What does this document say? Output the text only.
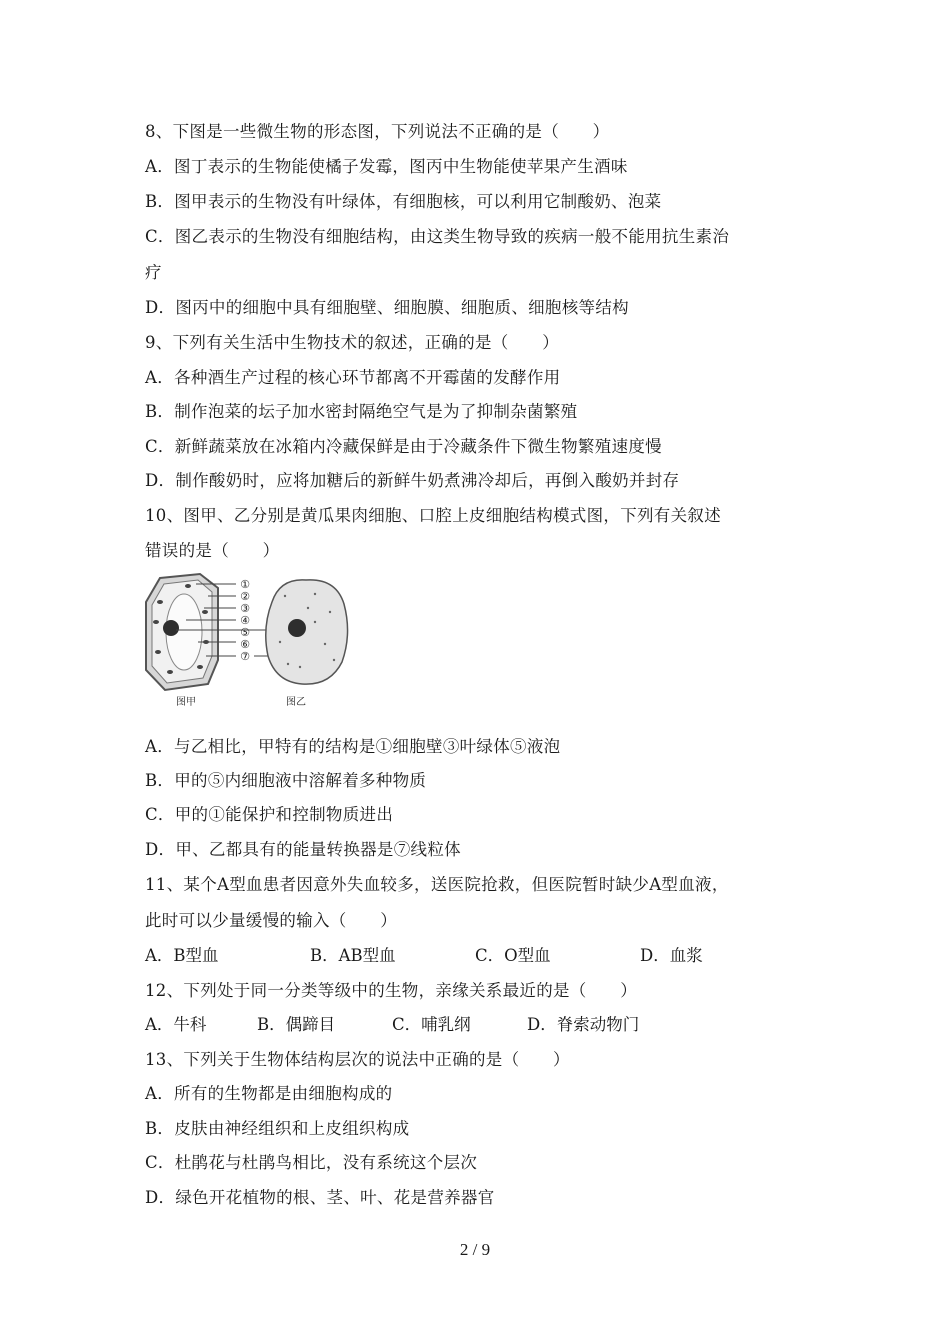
8、下图是一些微生物的形态图，下列说法不正确的是（　　）
A．图丁表示的生物能使橘子发霉，图丙中生物能使苹果产生酒味
B．图甲表示的生物没有叶绿体，有细胞核，可以利用它制酸奶、泡菜
C．图乙表示的生物没有细胞结构，由这类生物导致的疾病一般不能用抗生素治
疗
D．图丙中的细胞中具有细胞壁、细胞膜、细胞质、细胞核等结构
9、下列有关生活中生物技术的叙述，正确的是（　　）
A．各种酒生产过程的核心环节都离不开霉菌的发酵作用
B．制作泡菜的坛子加水密封隔绝空气是为了抑制杂菌繁殖
C．新鲜蔬菜放在冰箱内冷藏保鲜是由于冷藏条件下微生物繁殖速度慢
D．制作酸奶时，应将加糖后的新鲜牛奶煮沸冷却后，再倒入酸奶并封存
10、图甲、乙分别是黄瓜果肉细胞、口腔上皮细胞结构模式图，下列有关叙述
错误的是（　　）
①
②
③
④
⑤
⑥
⑦
图甲	图乙
A．与乙相比，甲特有的结构是①细胞壁③叶绿体⑤液泡
B．甲的⑤内细胞液中溶解着多种物质
C．甲的①能保护和控制物质进出
D．甲、乙都具有的能量转换器是⑦线粒体
11、某个A型血患者因意外失血较多，送医院抢救，但医院暂时缺少A型血液，
此时可以少量缓慢的输入（　　）
A．B型血	B．AB型血	C．O型血	D．血浆
12、下列处于同一分类等级中的生物，亲缘关系最近的是（　　）
A．牛科	B．偶蹄目	C．哺乳纲	D．脊索动物门
13、下列关于生物体结构层次的说法中正确的是（　　）
A．所有的生物都是由细胞构成的
B．皮肤由神经组织和上皮组织构成
C．杜鹃花与杜鹃鸟相比，没有系统这个层次
D．绿色开花植物的根、茎、叶、花是营养器官
2 / 9
